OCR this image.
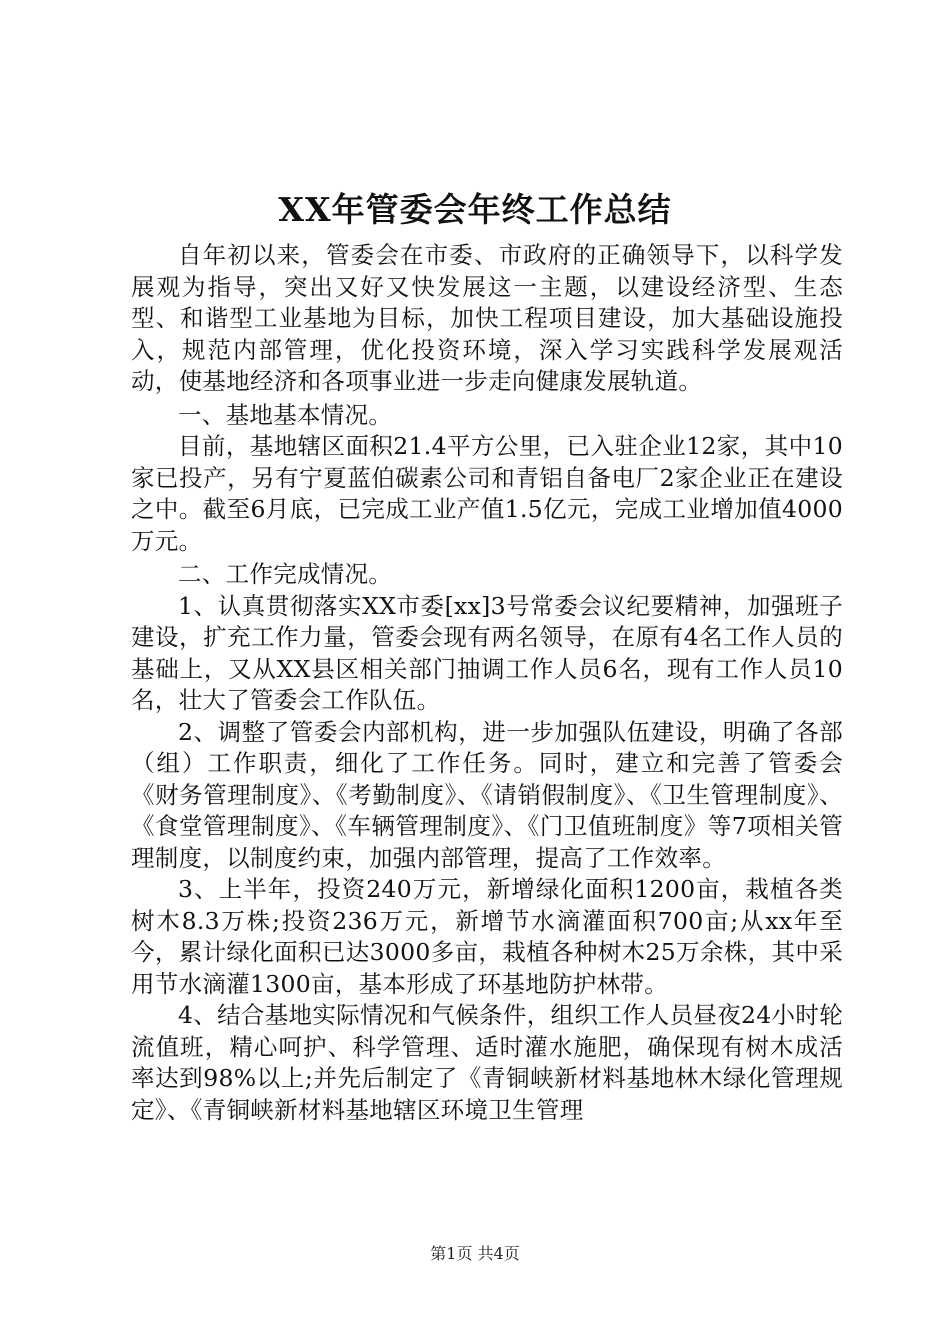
XX年管委会年终工作总结

自年初以来，管委会在市委、市政府的正确领导下，以科学发展观为指导，突出又好又快发展这一主题，以建设经济型、生态型、和谐型工业基地为目标，加快工程项目建设，加大基础设施投入，规范内部管理，优化投资环境，深入学习实践科学发展观活动，使基地经济和各项事业进一步走向健康发展轨道。

一、基地基本情况。

目前，基地辖区面积21.4平方公里，已入驻企业12家，其中10家已投产，另有宁夏蓝伯碳素公司和青铝自备电厂2家企业正在建设之中。截至6月底，已完成工业产值1.5亿元，完成工业增加值4000万元。

二、工作完成情况。

1、认真贯彻落实XX市委[xx]3号常委会议纪要精神，加强班子建设，扩充工作力量，管委会现有两名领导，在原有4名工作人员的基础上，又从XX县区相关部门抽调工作人员6名，现有工作人员10名，壮大了管委会工作队伍。

2、调整了管委会内部机构，进一步加强队伍建设，明确了各部（组）工作职责，细化了工作任务。同时，建立和完善了管委会《财务管理制度》、《考勤制度》、《请销假制度》、《卫生管理制度》、《食堂管理制度》、《车辆管理制度》、《门卫值班制度》等7项相关管理制度，以制度约束，加强内部管理，提高了工作效率。

3、上半年，投资240万元，新增绿化面积1200亩，栽植各类树木8.3万株;投资236万元，新增节水滴灌面积700亩;从xx年至今，累计绿化面积已达3000多亩，栽植各种树木25万余株，其中采用节水滴灌1300亩，基本形成了环基地防护林带。

4、结合基地实际情况和气候条件，组织工作人员昼夜24小时轮流值班，精心呵护、科学管理、适时灌水施肥，确保现有树木成活率达到98%以上;并先后制定了《青铜峡新材料基地林木绿化管理规定》、《青铜峡新材料基地辖区环境卫生管理

第1页 共4页
